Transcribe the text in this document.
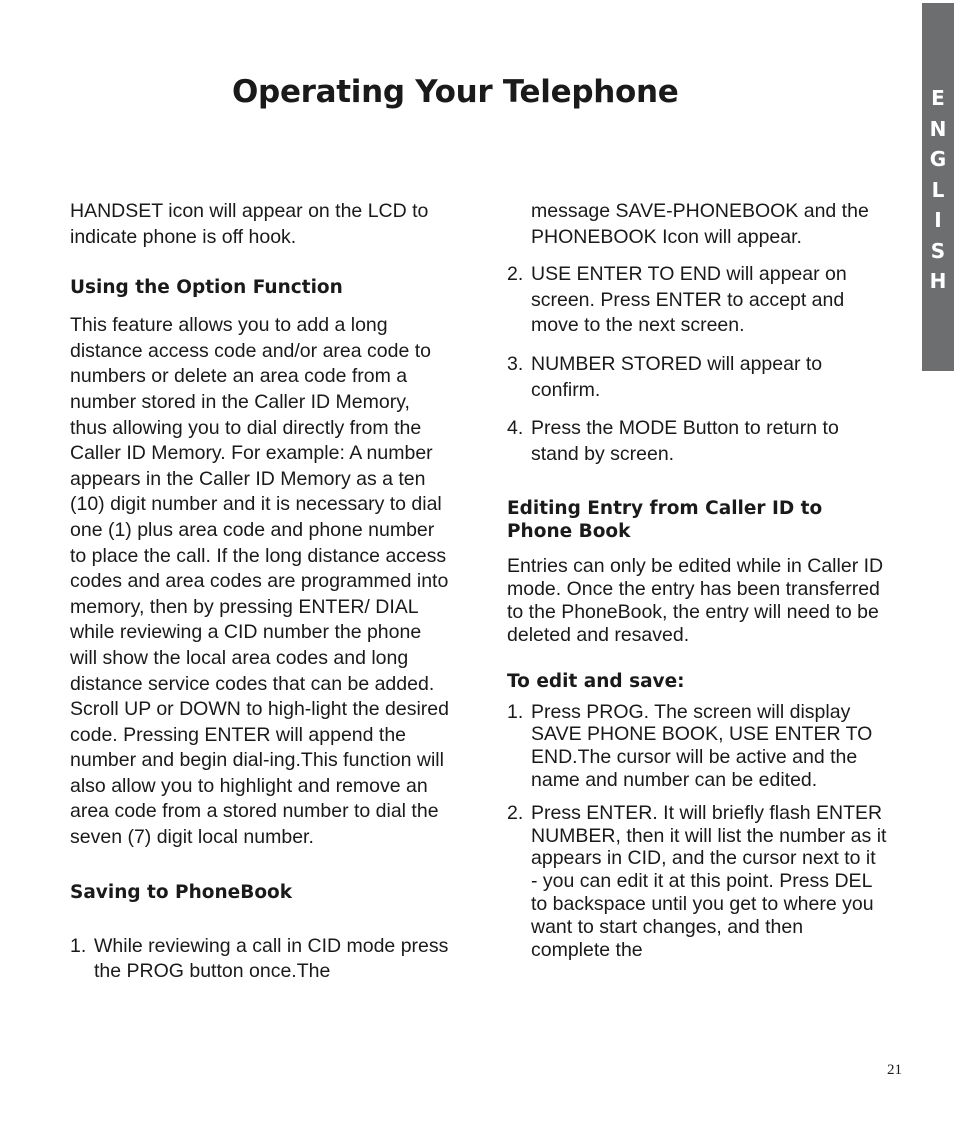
E
N
G
L
I
S
H
Operating Your Telephone

HANDSET icon will appear on the LCD to indicate phone is off hook.

Using the Option Function

This feature allows you to add a long distance access code and/or area code to numbers or delete an area code from a number stored in the Caller ID Memory, thus allowing you to dial directly from the Caller ID Memory. For example: A number appears in the Caller ID Memory as a ten (10) digit number and it is necessary to dial one (1) plus area code and phone number to place the call. If the long distance access codes and area codes are programmed into memory, then by pressing ENTER/ DIAL while reviewing a CID number the phone will show the local area codes and long distance service codes that can be added. Scroll UP or DOWN to high-light the desired code. Pressing ENTER will append the number and begin dial-ing.This function will also allow you to highlight and remove an area code from a stored number to dial the seven (7) digit local number.

Saving to PhoneBook
1. While reviewing a call in CID mode press the PROG button once.The

message SAVE-PHONEBOOK and the PHONEBOOK Icon will appear.

2. USE ENTER TO END will appear on screen. Press ENTER to accept and move to the next screen.

3. NUMBER STORED will appear to confirm.

4. Press the MODE Button to return to stand by screen.

Editing Entry from Caller ID to Phone Book

Entries can only be edited while in Caller ID mode. Once the entry has been transferred to the PhoneBook, the entry will need to be deleted and resaved.

To edit and save:
1. Press PROG. The screen will display SAVE PHONE BOOK, USE ENTER TO END.The cursor will be active and the name and number can be edited.

2. Press ENTER. It will briefly flash ENTER NUMBER, then it will list the number as it appears in CID, and the cursor next to it - you can edit it at this point. Press DEL to backspace until you get to where you want to start changes, and then complete the

21
